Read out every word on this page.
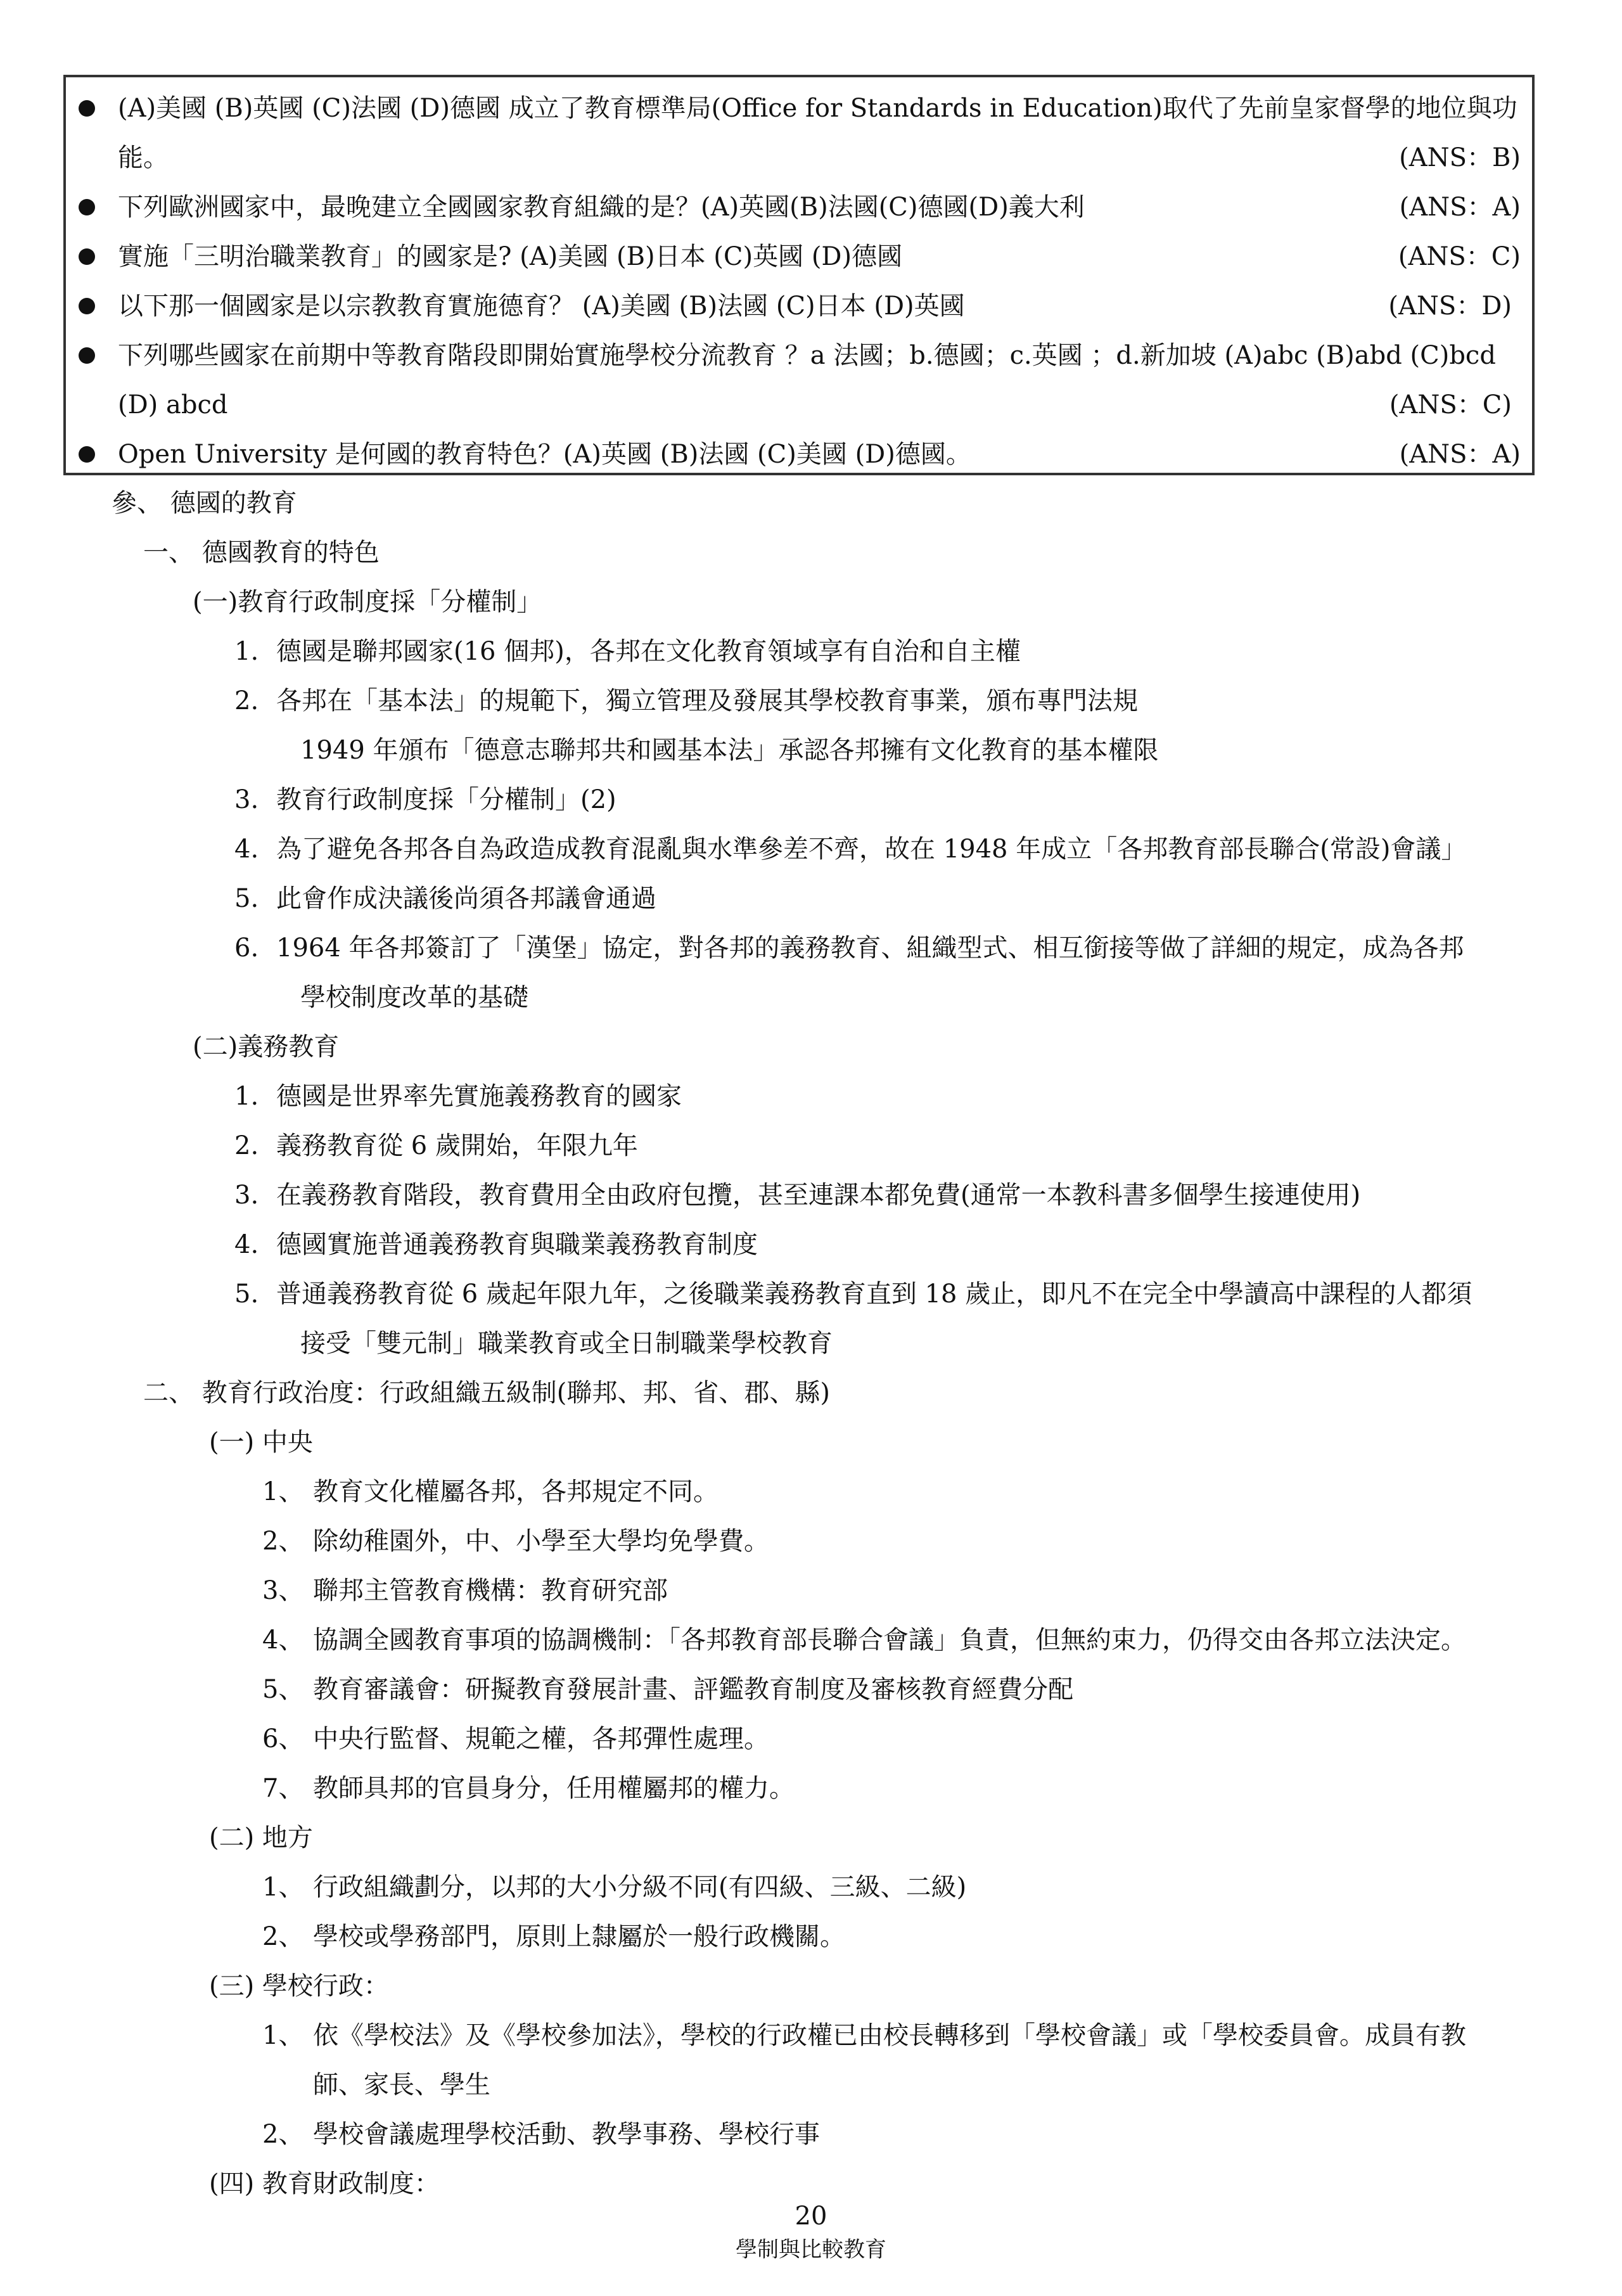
(A)美國 (B)英國 (C)法國 (D)德國 成立了教育標準局(Office for Standards in Education)取代了先前皇家督學的地位與功
能。	(ANS：B)
下列歐洲國家中，最晚建立全國國家教育組織的是？(A)英國(B)法國(C)德國(D)義大利	(ANS：A)
實施「三明治職業教育」的國家是? (A)美國 (B)日本 (C)英國 (D)德國	(ANS：C)
以下那一個國家是以宗教教育實施德育？ (A)美國 (B)法國 (C)日本 (D)英國	(ANS：D)
下列哪些國家在前期中等教育階段即開始實施學校分流教育 ？a 法國；b.德國；c.英國 ；d.新加坡 (A)abc (B)abd (C)bcd
(D) abcd	(ANS：C)
Open University 是何國的教育特色？(A)英國 (B)法國 (C)美國 (D)德國。	(ANS：A)
參、 德國的教育
一、 德國教育的特色
(一)教育行政制度採「分權制」
1. 德國是聯邦國家(16 個邦)，各邦在文化教育領域享有自治和自主權
2. 各邦在「基本法」的規範下，獨立管理及發展其學校教育事業，頒布專門法規
1949 年頒布「德意志聯邦共和國基本法」承認各邦擁有文化教育的基本權限
3. 教育行政制度採「分權制」(2)
4. 為了避免各邦各自為政造成教育混亂與水準參差不齊，故在 1948 年成立「各邦教育部長聯合(常設)會議」
5. 此會作成決議後尚須各邦議會通過
6. 1964 年各邦簽訂了「漢堡」協定，對各邦的義務教育、組織型式、相互銜接等做了詳細的規定，成為各邦
學校制度改革的基礎
(二)義務教育
1. 德國是世界率先實施義務教育的國家
2. 義務教育從 6 歲開始，年限九年
3. 在義務教育階段，教育費用全由政府包攬，甚至連課本都免費(通常一本教科書多個學生接連使用)
4. 德國實施普通義務教育與職業義務教育制度
5. 普通義務教育從 6 歲起年限九年，之後職業義務教育直到 18 歲止，即凡不在完全中學讀高中課程的人都須
接受「雙元制」職業教育或全日制職業學校教育
二、 教育行政治度：行政組織五級制(聯邦、邦、省、郡、縣)
(一) 中央
1、 教育文化權屬各邦，各邦規定不同。
2、 除幼稚園外，中、小學至大學均免學費。
3、 聯邦主管教育機構：教育研究部
4、 協調全國教育事項的協調機制：「各邦教育部長聯合會議」負責，但無約束力，仍得交由各邦立法決定。
5、 教育審議會：研擬教育發展計畫、評鑑教育制度及審核教育經費分配
6、 中央行監督、規範之權，各邦彈性處理。
7、 教師具邦的官員身分，任用權屬邦的權力。
(二) 地方
1、 行政組織劃分，以邦的大小分級不同(有四級、三級、二級)
2、 學校或學務部門，原則上隸屬於一般行政機關。
(三) 學校行政：
1、 依《學校法》及《學校參加法》，學校的行政權已由校長轉移到「學校會議」或「學校委員會。成員有教
師、家長、學生
2、 學校會議處理學校活動、教學事務、學校行事
(四) 教育財政制度：
20
學制與比較教育
